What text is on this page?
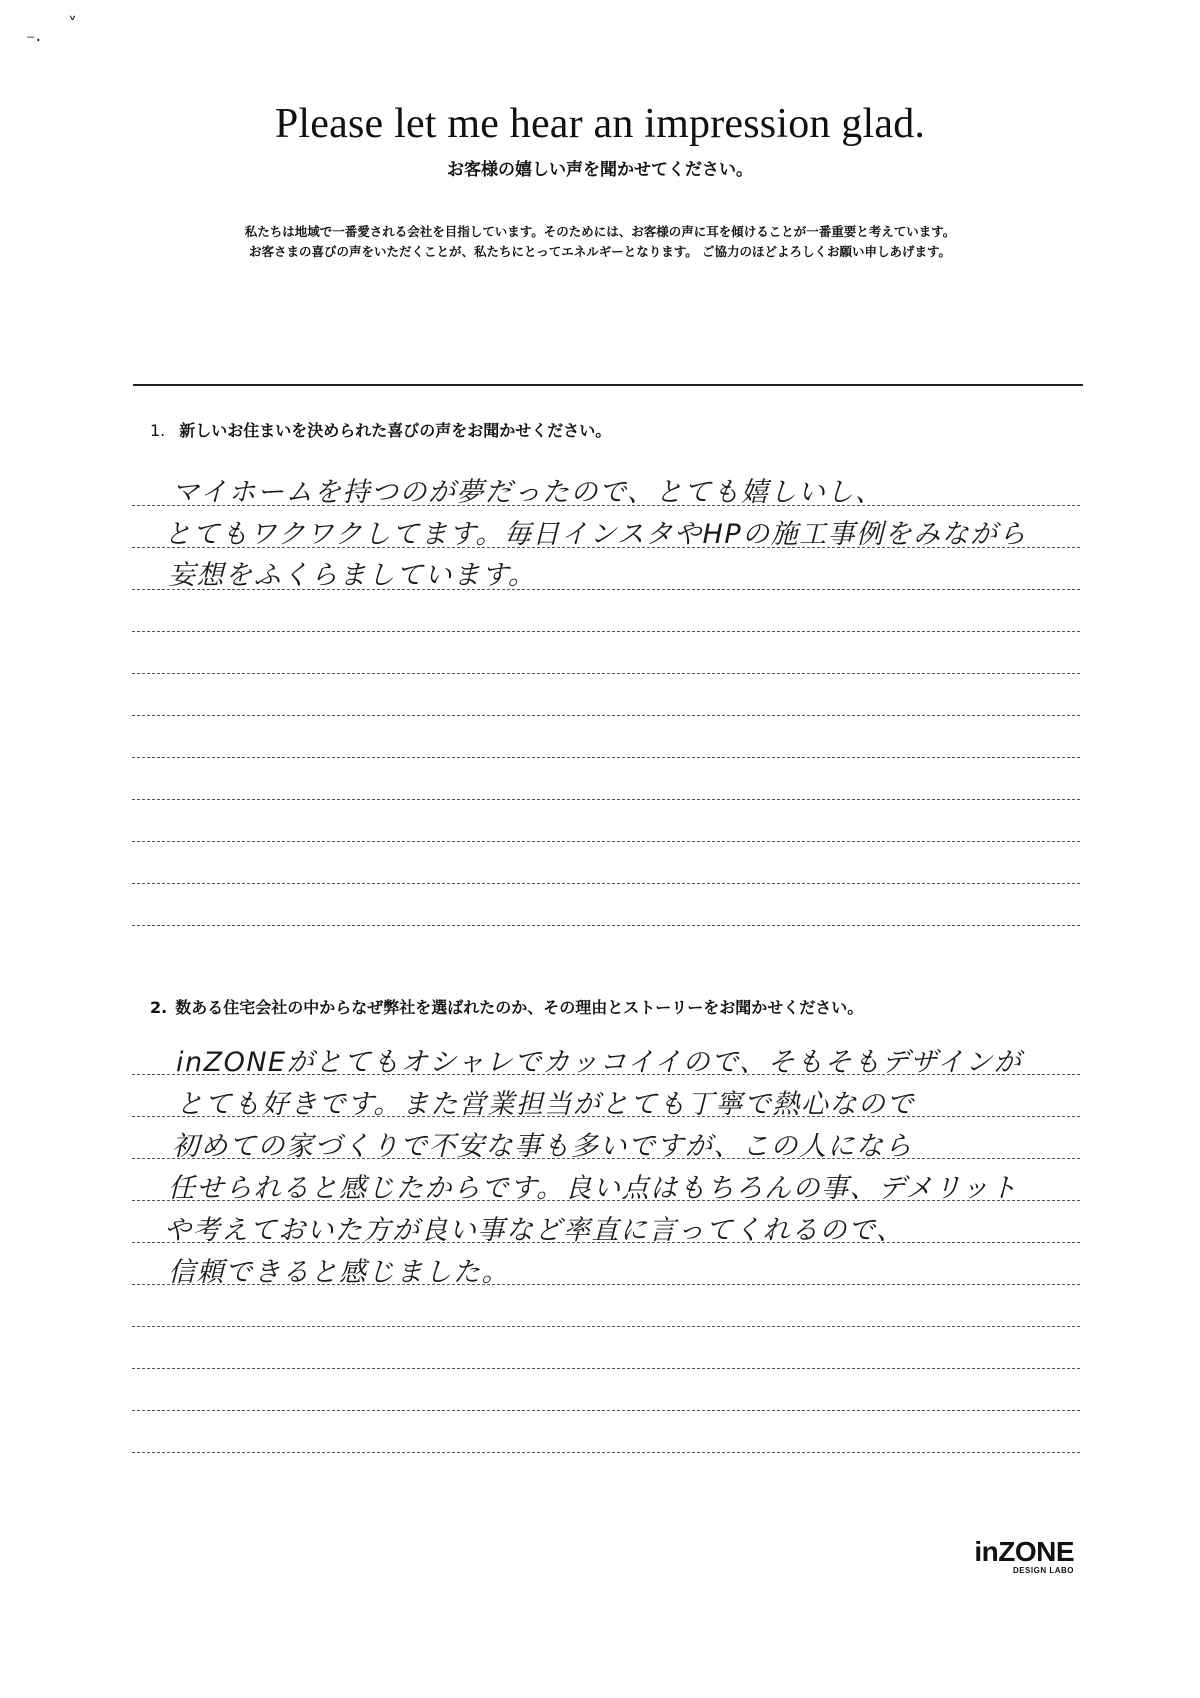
⁻·
˅
Please let me hear an impression glad.
お客様の嬉しい声を聞かせてください。
私たちは地域で一番愛される会社を目指しています。そのためには、お客様の声に耳を傾けることが一番重要と考えています。
お客さまの喜びの声をいただくことが、私たちにとってエネルギーとなります。 ご協力のほどよろしくお願い申しあげます。
1. 新しいお住まいを決められた喜びの声をお聞かせください。
マイホームを持つのが夢だったので、とても嬉しいし、
とてもワクワクしてます。毎日インスタやHPの施工事例をみながら
妄想をふくらましています。
2. 数ある住宅会社の中からなぜ弊社を選ばれたのか、その理由とストーリーをお聞かせください。
inZONEがとてもオシャレでカッコイイので、そもそもデザインが
とても好きです。また営業担当がとても丁寧で熱心なので
初めての家づくりで不安な事も多いですが、この人になら
任せられると感じたからです。良い点はもちろんの事、デメリット
や考えておいた方が良い事など率直に言ってくれるので、
信頼できると感じました。
inZONE
DESIGN LABO
